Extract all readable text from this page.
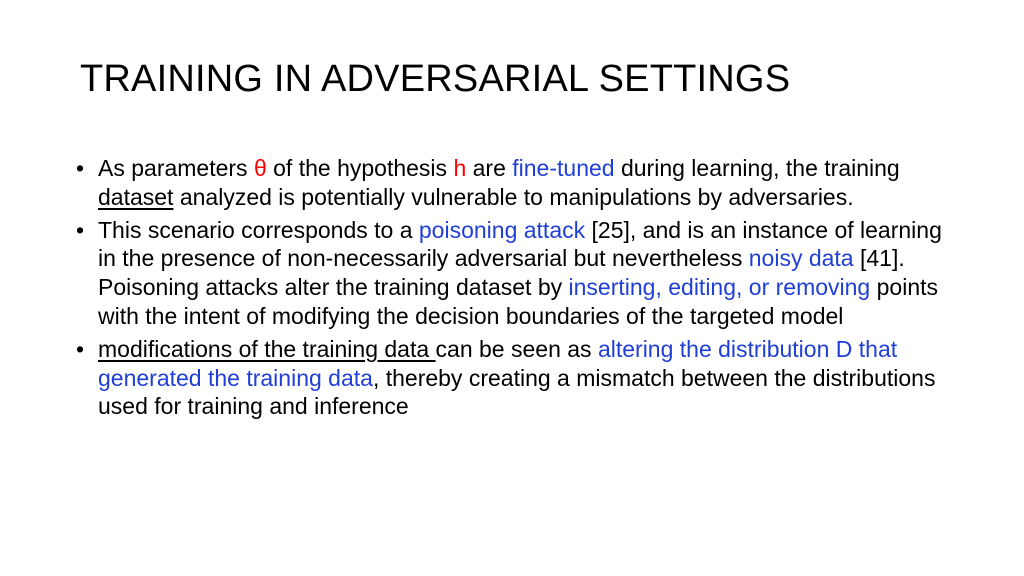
TRAINING IN ADVERSARIAL SETTINGS
• As parameters θ of the hypothesis h are fine-tuned during learning, the training dataset analyzed is potentially vulnerable to manipulations by adversaries.
• This scenario corresponds to a poisoning attack [25], and is an instance of learning in the presence of non-necessarily adversarial but nevertheless noisy data [41]. Poisoning attacks alter the training dataset by inserting, editing, or removing points with the intent of modifying the decision boundaries of the targeted model
• modifications of the training data can be seen as altering the distribution D that generated the training data, thereby creating a mismatch between the distributions used for training and inference
